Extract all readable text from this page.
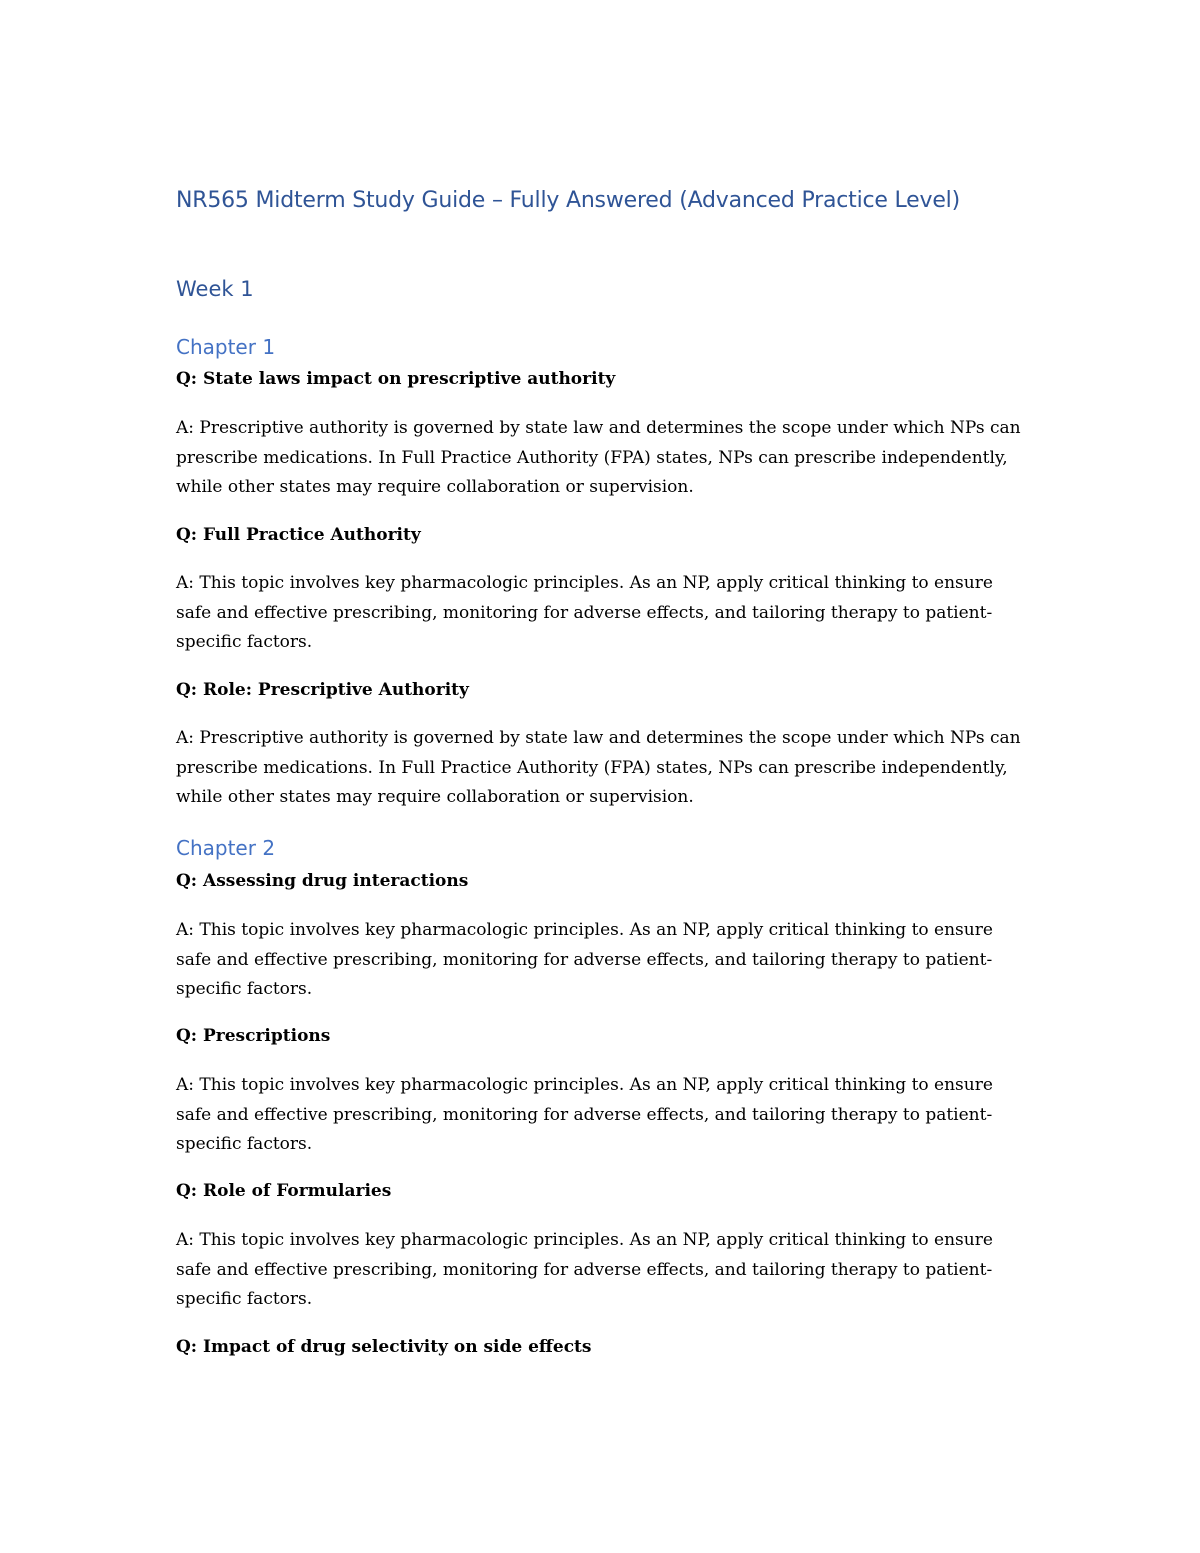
NR565 Midterm Study Guide – Fully Answered (Advanced Practice Level)
Week 1
Chapter 1

Q: State laws impact on prescriptive authority

A: Prescriptive authority is governed by state law and determines the scope under which NPs can prescribe medications. In Full Practice Authority (FPA) states, NPs can prescribe independently, while other states may require collaboration or supervision.

Q: Full Practice Authority

A: This topic involves key pharmacologic principles. As an NP, apply critical thinking to ensure safe and effective prescribing, monitoring for adverse effects, and tailoring therapy to patient-specific factors.

Q: Role: Prescriptive Authority

A: Prescriptive authority is governed by state law and determines the scope under which NPs can prescribe medications. In Full Practice Authority (FPA) states, NPs can prescribe independently, while other states may require collaboration or supervision.

Chapter 2

Q: Assessing drug interactions

A: This topic involves key pharmacologic principles. As an NP, apply critical thinking to ensure safe and effective prescribing, monitoring for adverse effects, and tailoring therapy to patient-specific factors.

Q: Prescriptions

A: This topic involves key pharmacologic principles. As an NP, apply critical thinking to ensure safe and effective prescribing, monitoring for adverse effects, and tailoring therapy to patient-specific factors.

Q: Role of Formularies

A: This topic involves key pharmacologic principles. As an NP, apply critical thinking to ensure safe and effective prescribing, monitoring for adverse effects, and tailoring therapy to patient-specific factors.

Q: Impact of drug selectivity on side effects
